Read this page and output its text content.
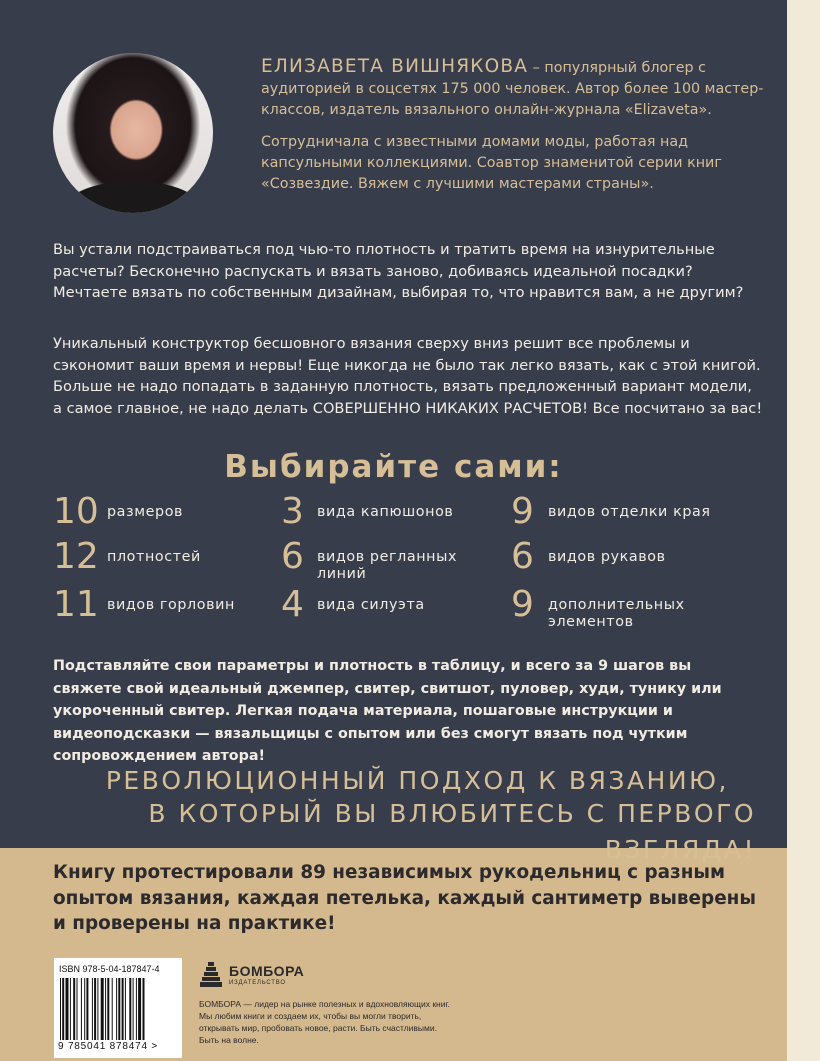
ЕЛИЗАВЕТА ВИШНЯКОВА – популярный блогер с аудиторией в соцсетях 175 000 человек. Автор более 100 мастер-классов, издатель вязального онлайн-журнала «Elizaveta».

Сотрудничала с известными домами моды, работая над капсульными коллекциями. Соавтор знаменитой серии книг «Созвездие. Вяжем с лучшими мастерами страны».

Вы устали подстраиваться под чью-то плотность и тратить время на изнурительные расчеты? Бесконечно распускать и вязать заново, добиваясь идеальной посадки? Мечтаете вязать по собственным дизайнам, выбирая то, что нравится вам, а не другим?

Уникальный конструктор бесшовного вязания сверху вниз решит все проблемы и сэкономит ваши время и нервы! Еще никогда не было так легко вязать, как с этой книгой. Больше не надо попадать в заданную плотность, вязать предложенный вариант модели, а самое главное, не надо делать СОВЕРШЕННО НИКАКИХ РАСЧЕТОВ! Все посчитано за вас!

Выбирайте сами:
10 размеров	3 вида капюшонов	9 видов отделки края
12 плотностей	6 видов регланных линий	6 видов рукавов
11 видов горловин	4 вида силуэта	9 дополнительных элементов

Подставляйте свои параметры и плотность в таблицу, и всего за 9 шагов вы свяжете свой идеальный джемпер, свитер, свитшот, пуловер, худи, тунику или укороченный свитер. Легкая подача материала, пошаговые инструкции и видеоподсказки — вязальщицы с опытом или без смогут вязать под чутким сопровождением автора!

РЕВОЛЮЦИОННЫЙ ПОДХОД К ВЯЗАНИЮ,
В КОТОРЫЙ ВЫ ВЛЮБИТЕСЬ С ПЕРВОГО ВЗГЛЯДА!

Книгу протестировали 89 независимых рукодельниц с разным опытом вязания, каждая петелька, каждый сантиметр выверены и проверены на практике!

ISBN 978-5-04-187847-4
9 785041 878474 >
БОМБОРА
ИЗДАТЕЛЬСТВО

БОМБОРА — лидер на рынке полезных и вдохновляющих книг. Мы любим книги и создаем их, чтобы вы могли творить, открывать мир, пробовать новое, расти. Быть счастливыми. Быть на волне.
